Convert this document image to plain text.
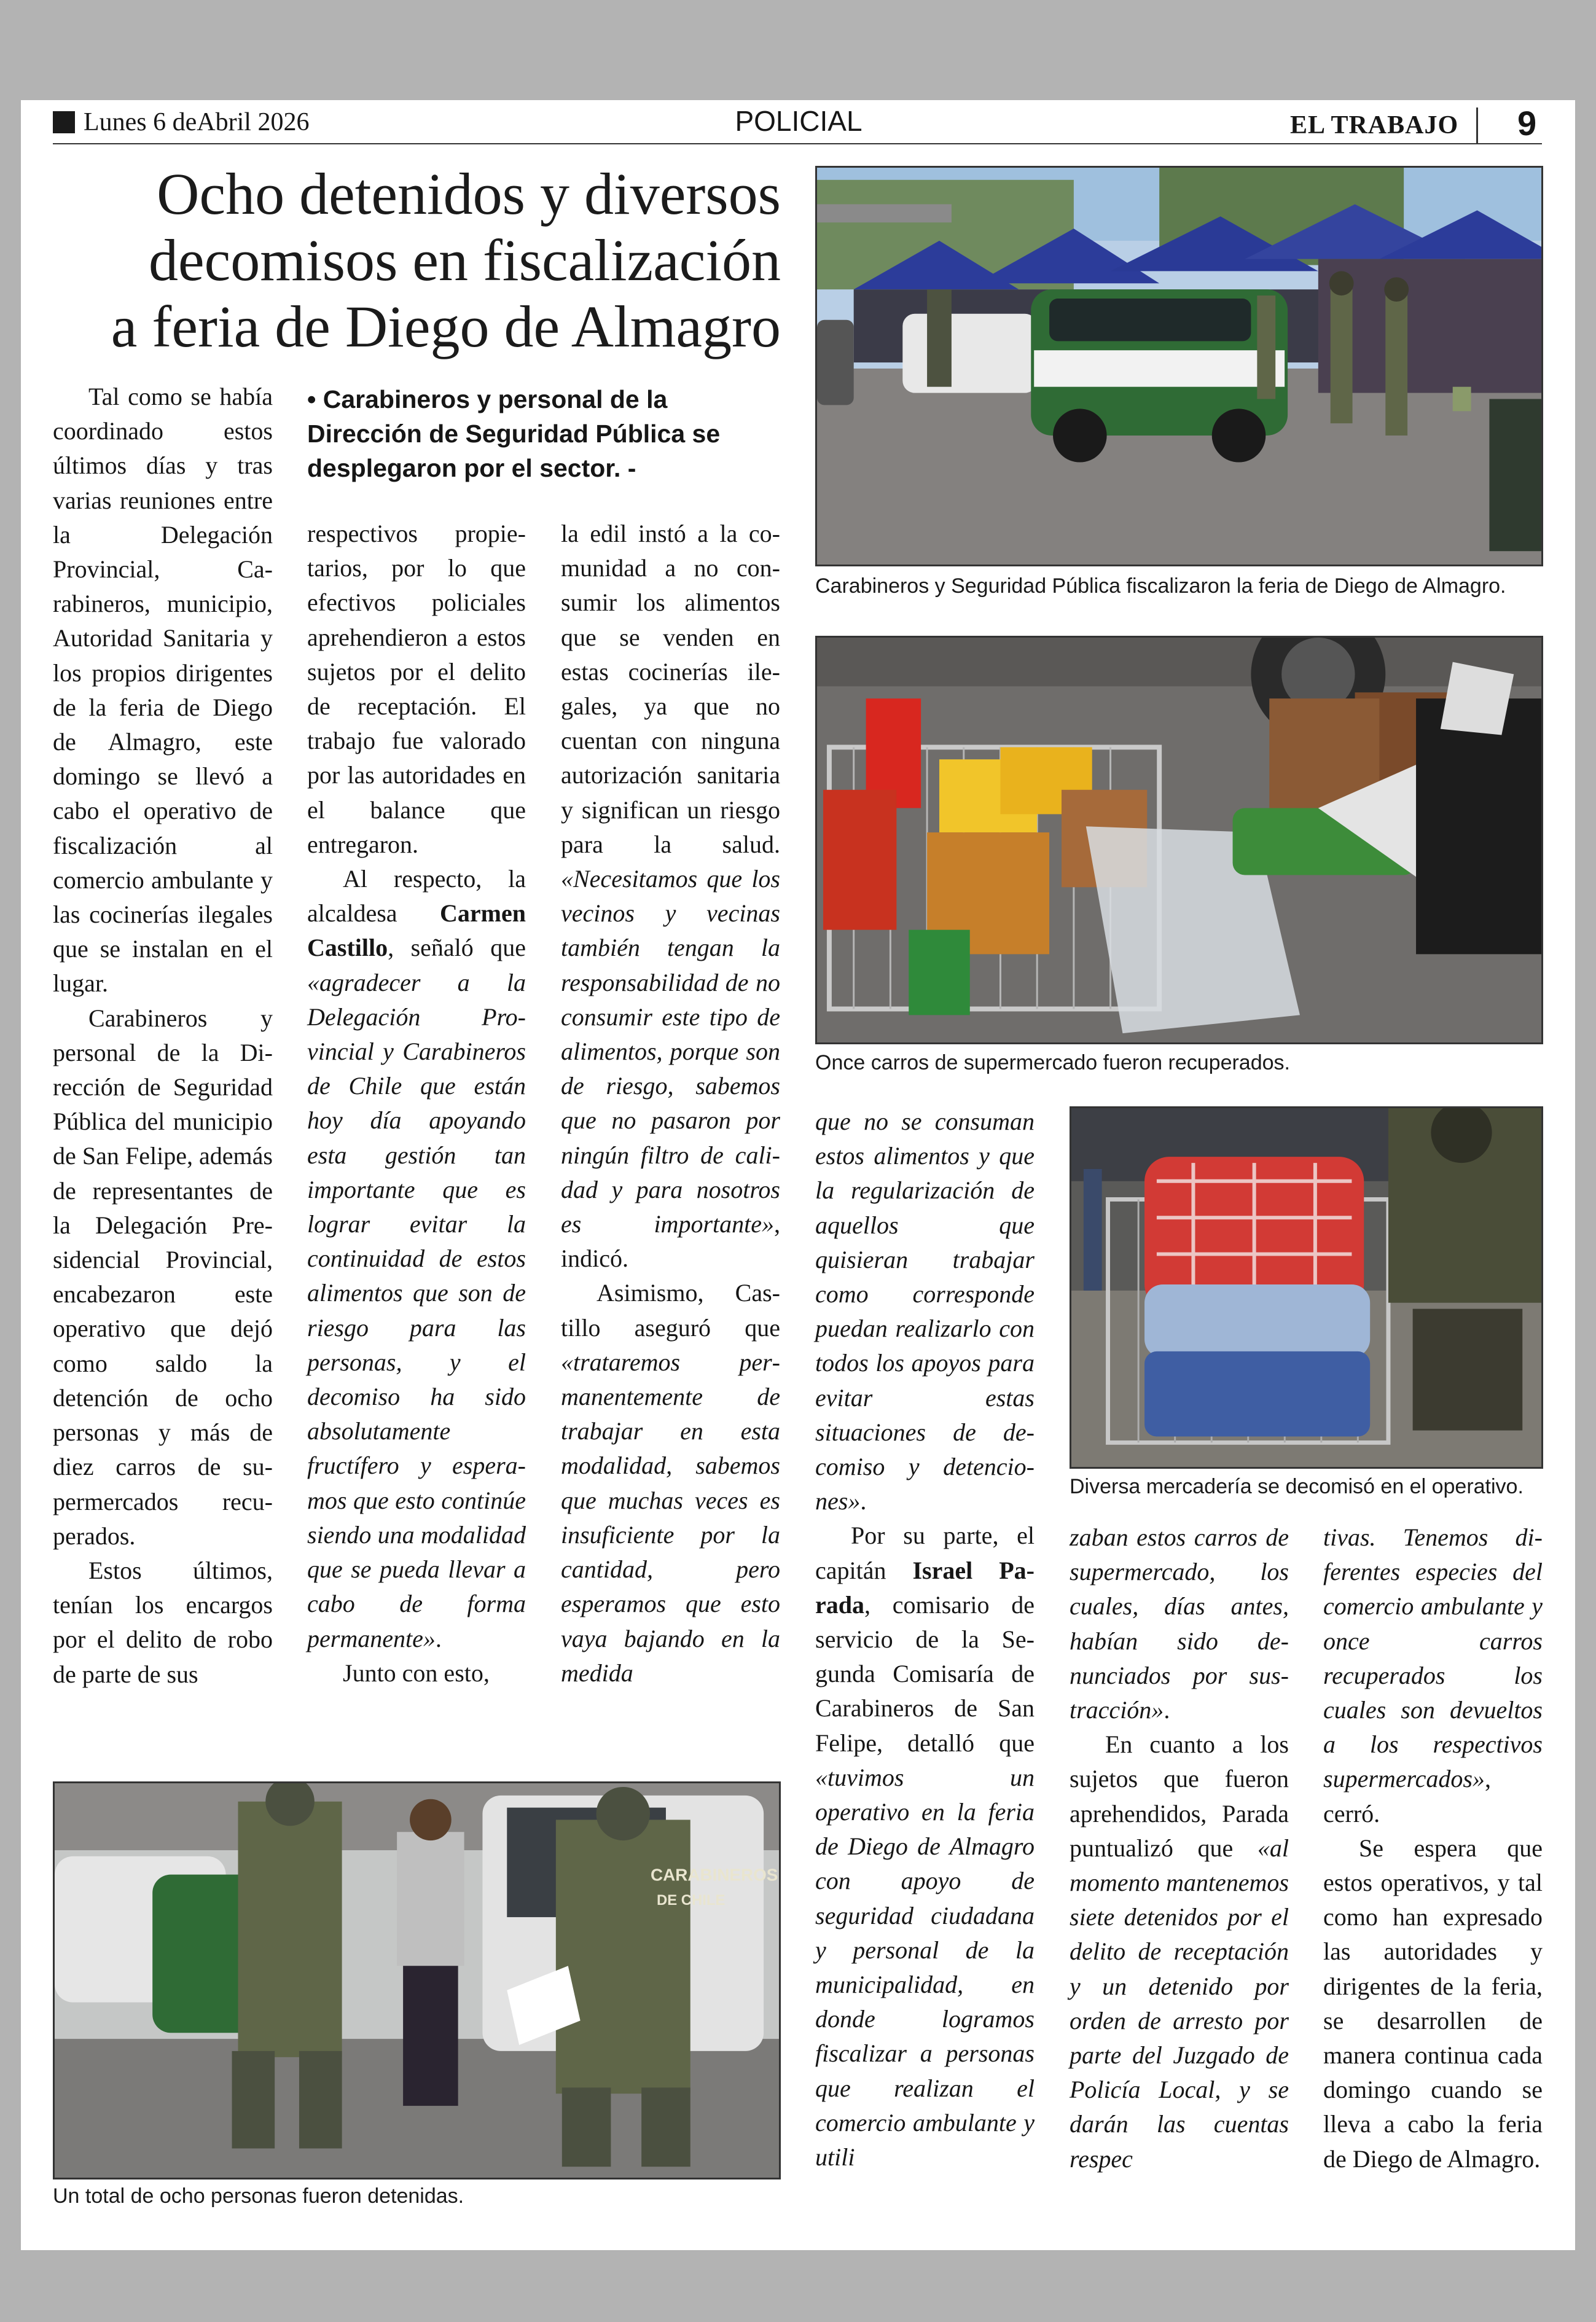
Lunes 6 deAbril 2026	POLICIAL	EL TRABAJO 9
Ocho detenidos y diversos
decomisos en fiscalización
a feria de Diego de Almagro
• Carabineros y personal de la Dirección de Seguridad Pública se desplegaron por el sector. -

Tal como se había coordinado estos últimos días y tras varias reuniones entre la Delegación Provincial, Carabineros, municipio, Autoridad Sanitaria y los propios dirigentes de la feria de Diego de Almagro, este domingo se llevó a cabo el operativo de fiscalización al comercio ambulante y las cocinerías ilegales que se instalan en el lugar.

Carabineros y personal de la Dirección de Seguridad Pública del municipio de San Felipe, además de representantes de la Delegación Presidencial Provincial, encabezaron este operativo que dejó como saldo la detención de ocho personas y más de diez carros de supermercados recuperados.

Estos últimos, tenían los encargos por el delito de robo de parte de sus

respectivos propietarios, por lo que efectivos policiales aprehendieron a estos sujetos por el delito de receptación. El trabajo fue valorado por las autoridades en el balance que entregaron.

Al respecto, la alcaldesa Carmen Castillo, señaló que «agradecer a la Delegación Provincial y Carabineros de Chile que están hoy día apoyando esta gestión tan importante que es lograr evitar la continuidad de estos alimentos que son de riesgo para las personas, y el decomiso ha sido absolutamente fructífero y esperamos que esto continúe siendo una modalidad que se pueda llevar a cabo de forma permanente».

Junto con esto,

la edil instó a la comunidad a no consumir los alimentos que se venden en estas cocinerías ilegales, ya que no cuentan con ninguna autorización sanitaria y significan un riesgo para la salud. «Necesitamos que los vecinos y vecinas también tengan la responsabilidad de no consumir este tipo de alimentos, porque son de riesgo, sabemos que no pasaron por ningún filtro de calidad y para nosotros es importante», indicó.

Asimismo, Castillo aseguró que «trataremos permanentemente de trabajar en esta modalidad, sabemos que muchas veces es insuficiente por la cantidad, pero esperamos que esto vaya bajando en la medida

que no se consuman estos alimentos y que la regularización de aquellos que quisieran trabajar como corresponde puedan realizarlo con todos los apoyos para evitar estas situaciones de decomiso y detenciones».

Por su parte, el capitán Israel Parada, comisario de servicio de la Segunda Comisaría de Carabineros de San Felipe, detalló que «tuvimos un operativo en la feria de Diego de Almagro con apoyo de seguridad ciudadana y personal de la municipalidad, en donde logramos fiscalizar a personas que realizan el comercio ambulante y utili

zaban estos carros de supermercado, los cuales, días antes, habían sido denunciados por sustracción».

En cuanto a los sujetos que fueron aprehendidos, Parada puntualizó que «al momento mantenemos siete detenidos por el delito de receptación y un detenido por orden de arresto por parte del Juzgado de Policía Local, y se darán las cuentas respec

tivas. Tenemos diferentes especies del comercio ambulante y once carros recuperados los cuales son devueltos a los respectivos supermercados», cerró.

Se espera que estos operativos, y tal como han expresado las autoridades y dirigentes de la feria, se desarrollen de manera continua cada domingo cuando se lleva a cabo la feria de Diego de Almagro.

Carabineros y Seguridad Pública fiscalizaron la feria de Diego de Almagro.
Once carros de supermercado fueron recuperados.
Diversa mercadería se decomisó en el operativo.
CARABINEROS
DE CHILE
Un total de ocho personas fueron detenidas.
